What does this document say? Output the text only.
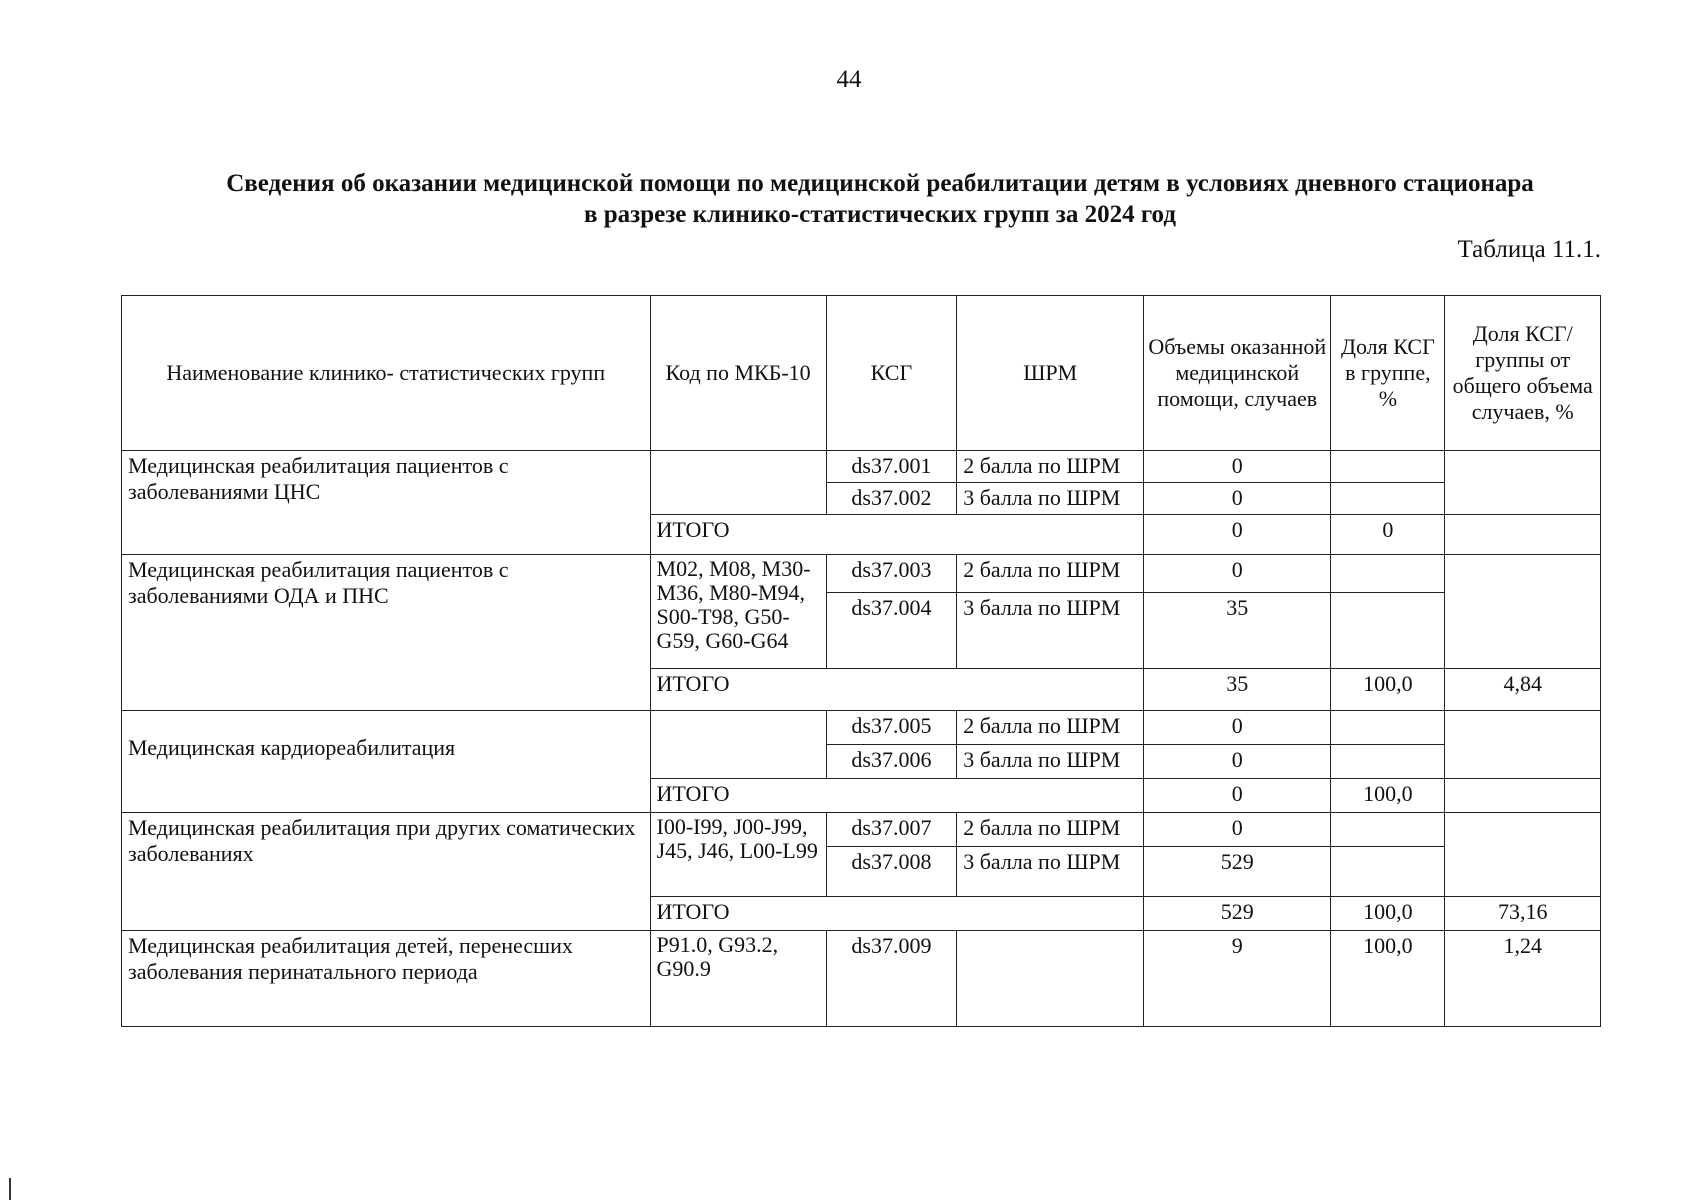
44
Сведения об оказании медицинской помощи по медицинской реабилитации детям в условиях дневного стационара
в разрезе клинико-статистических групп за 2024 год
Таблица 11.1.
Наименование клинико- статистических групп	Код по МКБ-10	КСГ	ШРМ	Объемы оказанной медицинской помощи, случаев	Доля КСГ в группе, %	Доля КСГ/группы от общего объема случаев, %
Медицинская реабилитация пациентов с заболеваниями ЦНС		ds37.001	2 балла по ШРМ	0		
		ds37.002	3 балла по ШРМ	0		
	ИТОГО			0	0	
Медицинская реабилитация пациентов с заболеваниями ОДА и ПНС	M02, M08, M30-M36, M80-M94, S00-T98, G50-G59, G60-G64	ds37.003	2 балла по ШРМ	0		
		ds37.004	3 балла по ШРМ	35		
	ИТОГО			35	100,0	4,84
Медицинская кардиореабилитация		ds37.005	2 балла по ШРМ	0		
		ds37.006	3 балла по ШРМ	0		
	ИТОГО			0	100,0	
Медицинская реабилитация при других соматических заболеваниях	I00-I99, J00-J99, J45, J46, L00-L99	ds37.007	2 балла по ШРМ	0		
		ds37.008	3 балла по ШРМ	529		
	ИТОГО			529	100,0	73,16
Медицинская реабилитация детей, перенесших заболевания перинатального периода	P91.0, G93.2, G90.9	ds37.009		9	100,0	1,24
